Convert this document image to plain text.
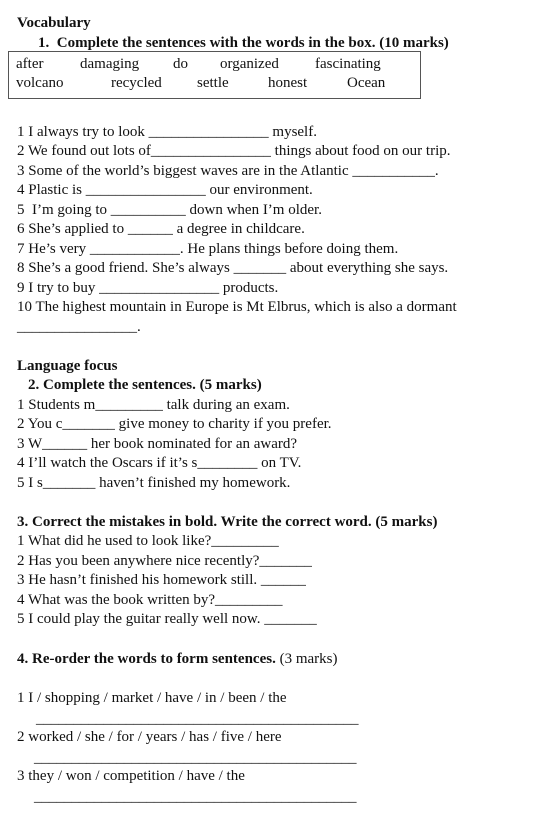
Vocabulary
1.  Complete the sentences with the words in the box. (10 marks)
after damaging do organized fascinating
volcano	recycled settle	honest	Ocean
1 I always try to look ________________ myself.
2 We found out lots of________________ things about food on our trip.
3 Some of the world’s biggest waves are in the Atlantic ___________.
4 Plastic is ________________ our environment.
5  I’m going to __________ down when I’m older.
6 She’s applied to ______ a degree in childcare.
7 He’s very ____________. He plans things before doing them.
8 She’s a good friend. She’s always _______ about everything she says.
9 I try to buy ________________ products.
10 The highest mountain in Europe is Mt Elbrus, which is also a dormant
________________.
Language focus
2. Complete the sentences. (5 marks)
1 Students m_________ talk during an exam.
2 You c_______ give money to charity if you prefer.
3 W______ her book nominated for an award?
4 I’ll watch the Oscars if it’s s________ on TV.
5 I s_______ haven’t finished my homework.
3. Correct the mistakes in bold. Write the correct word. (5 marks)
1 What did he used to look like?_________
2 Has you been anywhere nice recently?_______
3 He hasn’t finished his homework still. ______
4 What was the book written by?_________
5 I could play the guitar really well now. _______
4. Re-order the words to form sentences. (3 marks)
1 I / shopping / market / have / in / been / the
___________________________________________
2 worked / she / for / years / has / five / here
___________________________________________
3 they / won / competition / have / the
___________________________________________
